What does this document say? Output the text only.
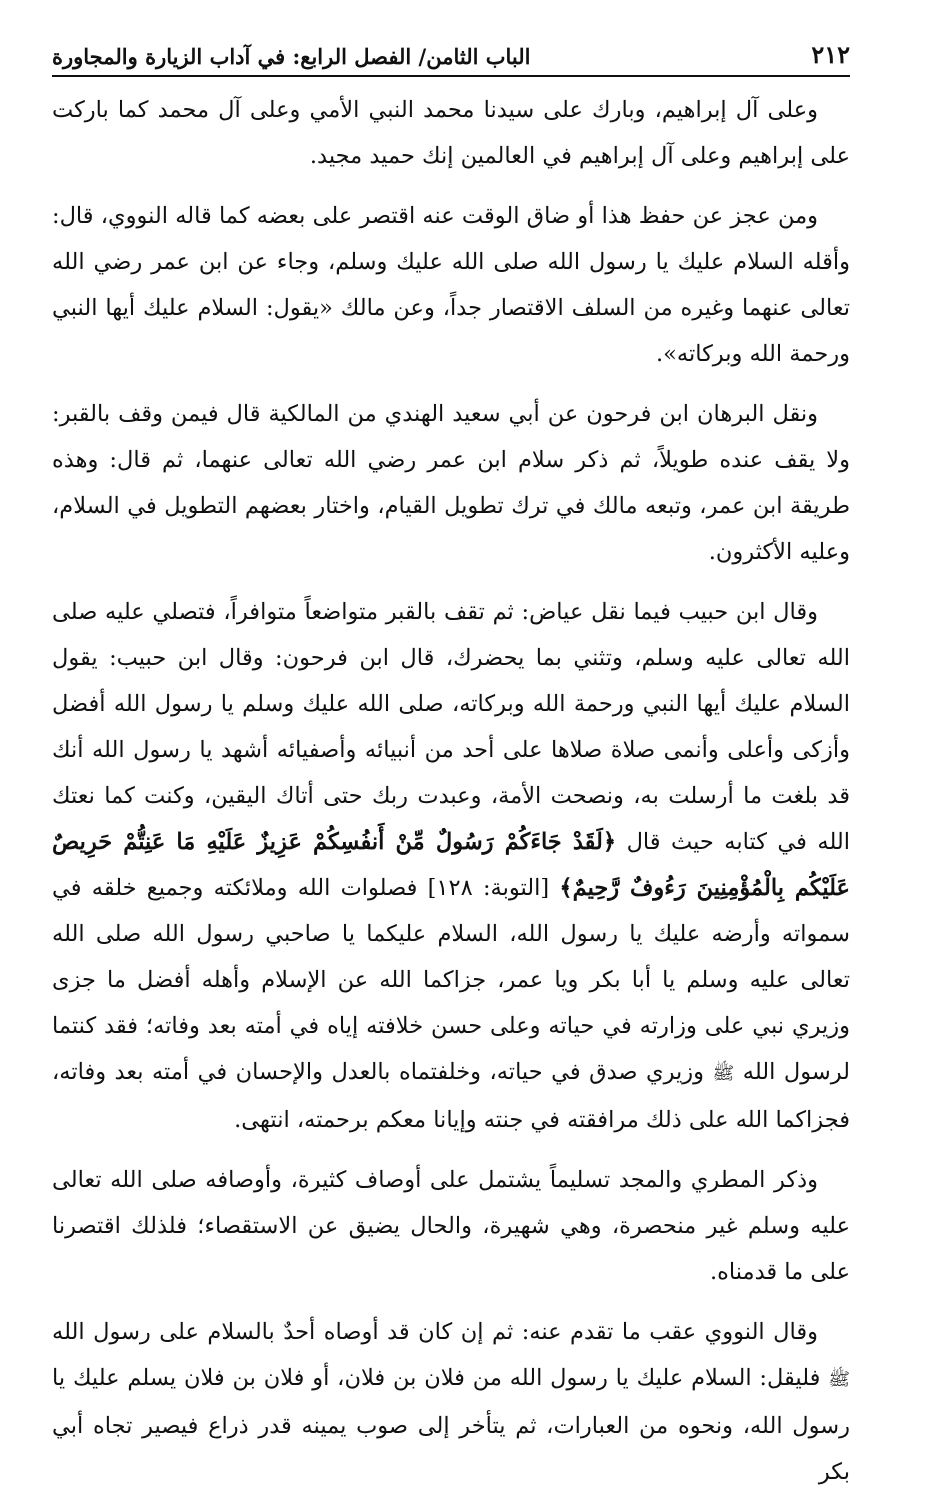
٢١٢
الباب الثامن/ الفصل الرابع: في آداب الزيارة والمجاورة

وعلى آل إبراهيم، وبارك على سيدنا محمد النبي الأمي وعلى آل محمد كما باركت على إبراهيم وعلى آل إبراهيم في العالمين إنك حميد مجيد.

ومن عجز عن حفظ هذا أو ضاق الوقت عنه اقتصر على بعضه كما قاله النووي، قال: وأقله السلام عليك يا رسول الله صلى الله عليك وسلم، وجاء عن ابن عمر رضي الله تعالى عنهما وغيره من السلف الاقتصار جداً، وعن مالك «يقول: السلام عليك أيها النبي ورحمة الله وبركاته».

ونقل البرهان ابن فرحون عن أبي سعيد الهندي من المالكية قال فيمن وقف بالقبر: ولا يقف عنده طويلاً، ثم ذكر سلام ابن عمر رضي الله تعالى عنهما، ثم قال: وهذه طريقة ابن عمر، وتبعه مالك في ترك تطويل القيام، واختار بعضهم التطويل في السلام، وعليه الأكثرون.

وقال ابن حبيب فيما نقل عياض: ثم تقف بالقبر متواضعاً متوافراً، فتصلي عليه صلى الله تعالى عليه وسلم، وتثني بما يحضرك، قال ابن فرحون: وقال ابن حبيب: يقول السلام عليك أيها النبي ورحمة الله وبركاته، صلى الله عليك وسلم يا رسول الله أفضل وأزكى وأعلى وأنمى صلاة صلاها على أحد من أنبيائه وأصفيائه أشهد يا رسول الله أنك قد بلغت ما أرسلت به، ونصحت الأمة، وعبدت ربك حتى أتاك اليقين، وكنت كما نعتك الله في كتابه حيث قال ﴿لَقَدْ جَاءَكُمْ رَسُولٌ مِّنْ أَنفُسِكُمْ عَزِيزٌ عَلَيْهِ مَا عَنِتُّمْ حَرِيصٌ عَلَيْكُم بِالْمُؤْمِنِينَ رَءُوفٌ رَّحِيمٌ﴾ [التوبة: ١٢٨] فصلوات الله وملائكته وجميع خلقه في سمواته وأرضه عليك يا رسول الله، السلام عليكما يا صاحبي رسول الله صلى الله تعالى عليه وسلم يا أبا بكر ويا عمر، جزاكما الله عن الإسلام وأهله أفضل ما جزى وزيري نبي على وزارته في حياته وعلى حسن خلافته إياه في أمته بعد وفاته؛ فقد كنتما لرسول الله ﷺ وزيري صدق في حياته، وخلفتماه بالعدل والإحسان في أمته بعد وفاته، فجزاكما الله على ذلك مرافقته في جنته وإيانا معكم برحمته، انتهى.

وذكر المطري والمجد تسليماً يشتمل على أوصاف كثيرة، وأوصافه صلى الله تعالى عليه وسلم غير منحصرة، وهي شهيرة، والحال يضيق عن الاستقصاء؛ فلذلك اقتصرنا على ما قدمناه.

وقال النووي عقب ما تقدم عنه: ثم إن كان قد أوصاه أحدٌ بالسلام على رسول الله ﷺ فليقل: السلام عليك يا رسول الله من فلان بن فلان، أو فلان بن فلان يسلم عليك يا رسول الله، ونحوه من العبارات، ثم يتأخر إلى صوب يمينه قدر ذراع فيصير تجاه أبي بكر
